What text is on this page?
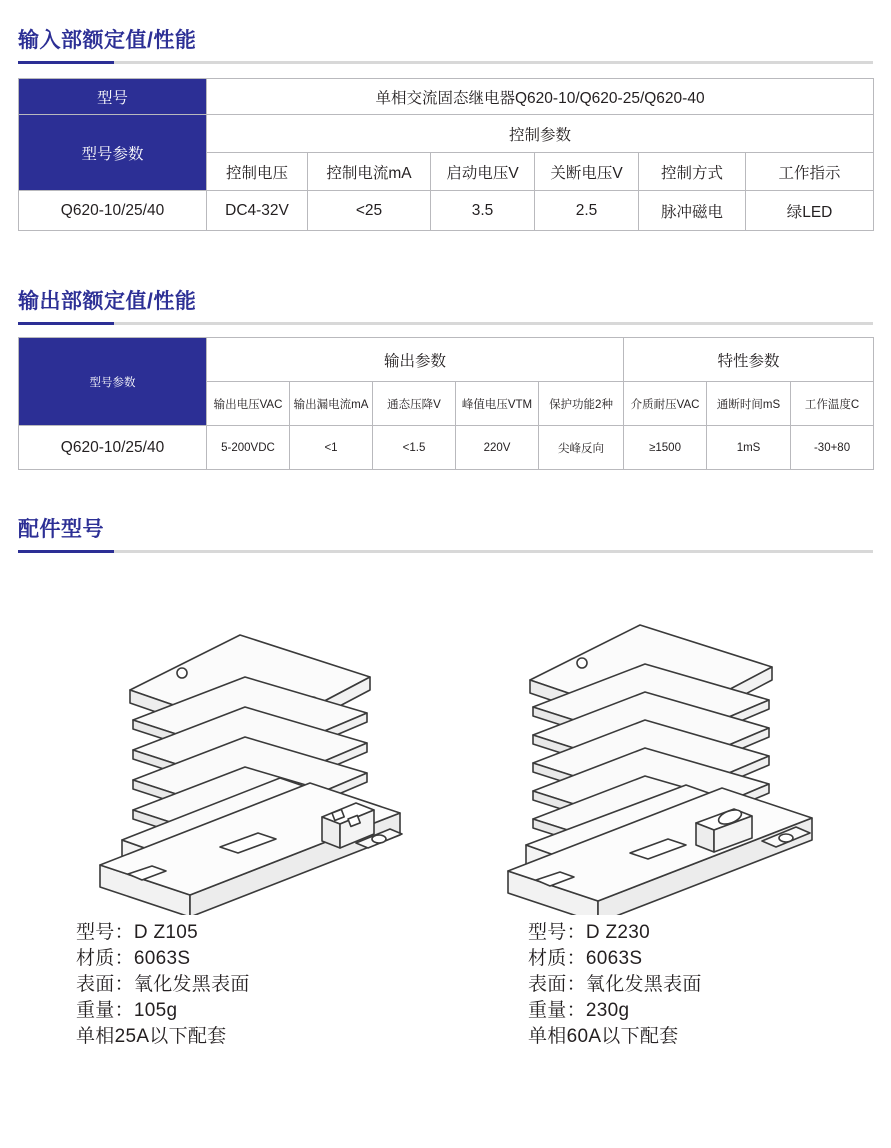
输入部额定值/性能
型号	单相交流固态继电器Q620-10/Q620-25/Q620-40					
型号参数	控制参数					
	控制电压	控制电流mA	启动电压V	关断电压V	控制方式	工作指示
Q620-10/25/40	DC4-32V	<25	3.5	2.5	脉冲磁电	绿LED
输出部额定值/性能
型号参数	输出参数					特性参数		
	输出电压VAC	输出漏电流mA	通态压降V	峰值电压VTM	保护功能2种	介质耐压VAC	通断时间mS	工作温度C
Q620-10/25/40	5-200VDC	<1	<1.5	220V	尖峰反向	≥1500	1mS	-30+80
配件型号
型号：D Z105
材质：6063S
表面：氧化发黑表面
重量：105g
单相25A以下配套
型号：D Z230
材质：6063S
表面：氧化发黑表面
重量：230g
单相60A以下配套
